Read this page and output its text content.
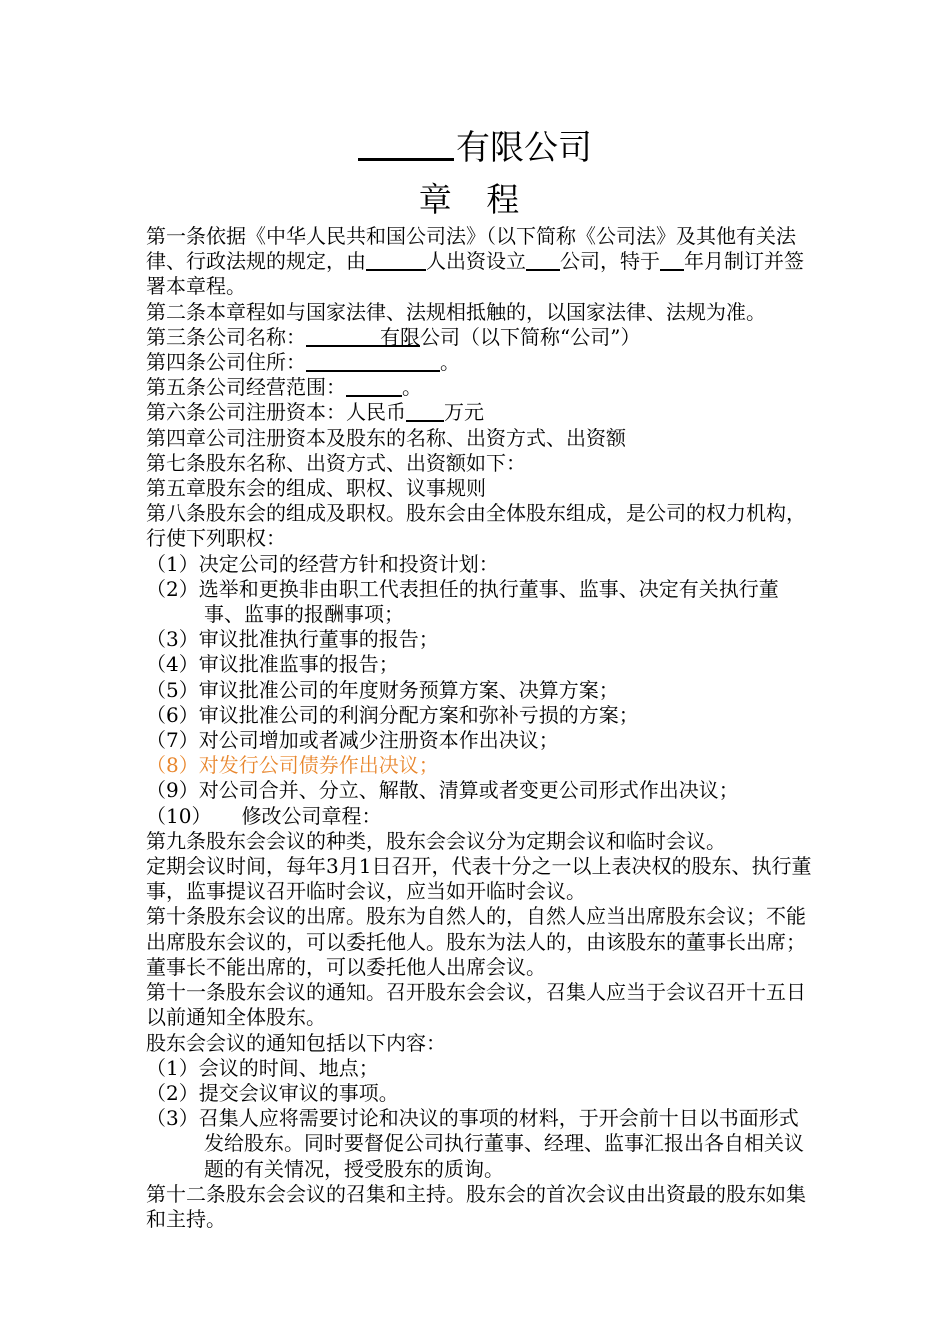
有限公司
章 程

第一条依据《中华人民共和国公司法》（以下简称《公司法》及其他有关法律、行政法规的规定，由	人出资设立 公司，特于 年月制订并签署本章程。

第二条本章程如与国家法律、法规相抵触的，以国家法律、法规为准。

第三条公司名称：	有限公司（以下简称“公司”）

第四条公司住所：	。

第五条公司经营范围：	。

第六条公司注册资本：人民币 万元

第四章公司注册资本及股东的名称、出资方式、出资额

第七条股东名称、出资方式、出资额如下：

第五章股东会的组成、职权、议事规则

第八条股东会的组成及职权。股东会由全体股东组成，是公司的权力机构，行使下列职权：

（1）决定公司的经营方针和投资计划：

（2）选举和更换非由职工代表担任的执行董事、监事、决定有关执行董事、监事的报酬事项；

（3）审议批准执行董事的报告；

（4）审议批准监事的报告；

（5）审议批准公司的年度财务预算方案、决算方案；

（6）审议批准公司的利润分配方案和弥补亏损的方案；

（7）对公司增加或者减少注册资本作出决议；

（8）对发行公司债券作出决议；

（9）对公司合并、分立、解散、清算或者变更公司形式作出决议；

（10）　　修改公司章程：

第九条股东会会议的种类，股东会会议分为定期会议和临时会议。

定期会议时间，每年3月1日召开，代表十分之一以上表决权的股东、执行董事，监事提议召开临时会议，应当如开临时会议。

第十条股东会议的出席。股东为自然人的，自然人应当出席股东会议；不能出席股东会议的，可以委托他人。股东为法人的，由该股东的董事长出席；董事长不能出席的，可以委托他人出席会议。

第十一条股东会议的通知。召开股东会会议，召集人应当于会议召开十五日以前通知全体股东。

股东会会议的通知包括以下内容：

（1）会议的时间、地点；

（2）提交会议审议的事项。

（3）召集人应将需要讨论和决议的事项的材料，于开会前十日以书面形式发给股东。同时要督促公司执行董事、经理、监事汇报出各自相关议题的有关情况，授受股东的质询。

第十二条股东会会议的召集和主持。股东会的首次会议由出资最的股东如集和主持。
